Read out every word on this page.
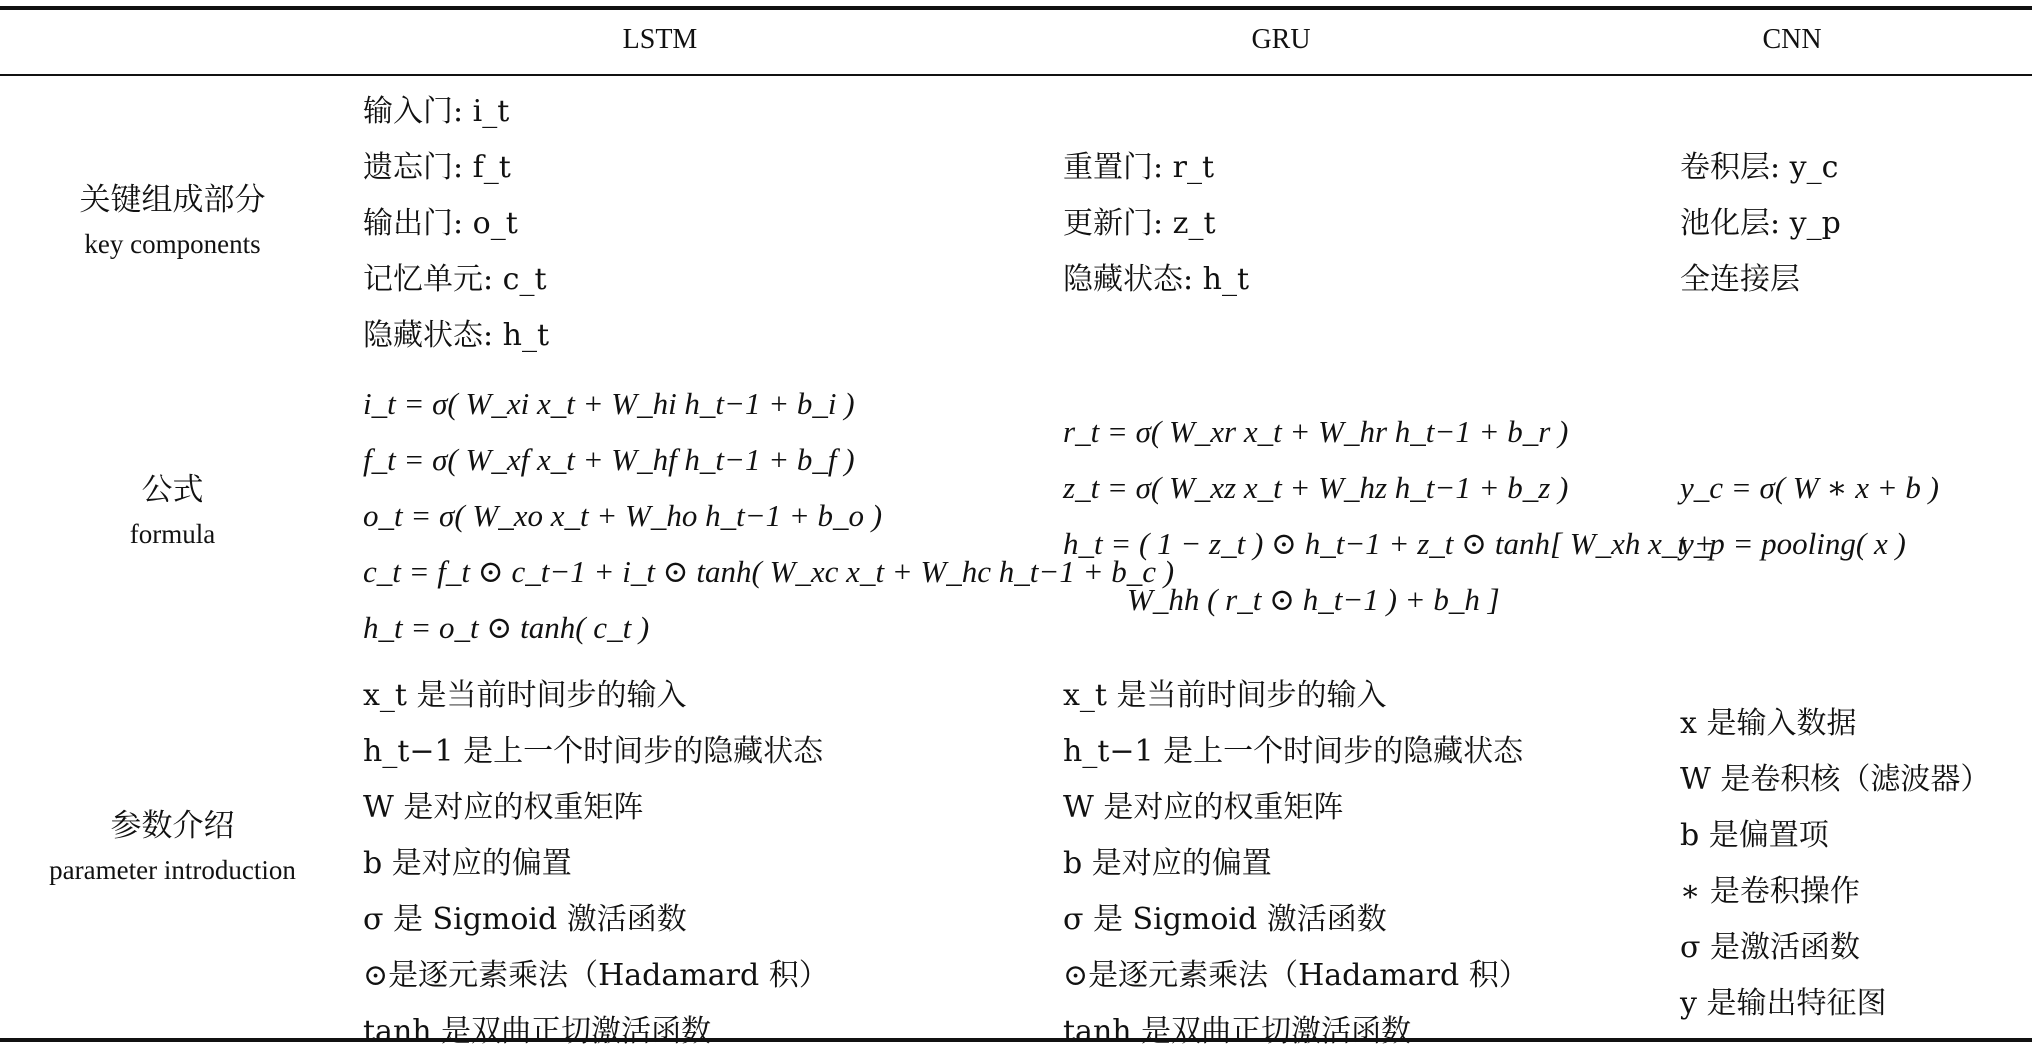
LSTM	GRU	CNN
关键组成部分
key components
输入门: i_t
遗忘门: f_t
输出门: o_t
记忆单元: c_t
隐藏状态: h_t
重置门: r_t
更新门: z_t
隐藏状态: h_t
卷积层: y_c
池化层: y_p
全连接层
公式
formula
i_t = σ( W_xi x_t + W_hi h_t−1 + b_i )
f_t = σ( W_xf x_t + W_hf h_t−1 + b_f )
o_t = σ( W_xo x_t + W_ho h_t−1 + b_o )
c_t = f_t ⊙ c_t−1 + i_t ⊙ tanh( W_xc x_t + W_hc h_t−1 + b_c )
h_t = o_t ⊙ tanh( c_t )
r_t = σ( W_xr x_t + W_hr h_t−1 + b_r )
z_t = σ( W_xz x_t + W_hz h_t−1 + b_z )
h_t = ( 1 − z_t ) ⊙ h_t−1 + z_t ⊙ tanh[ W_xh x_t +
W_hh ( r_t ⊙ h_t−1 ) + b_h ]
y_c = σ( W ∗ x + b )
y_p = pooling( x )
参数介绍
parameter introduction
x_t 是当前时间步的输入
h_t−1 是上一个时间步的隐藏状态
W 是对应的权重矩阵
b 是对应的偏置
σ 是 Sigmoid 激活函数
⊙是逐元素乘法（Hadamard 积）
tanh 是双曲正切激活函数
x_t 是当前时间步的输入
h_t−1 是上一个时间步的隐藏状态
W 是对应的权重矩阵
b 是对应的偏置
σ 是 Sigmoid 激活函数
⊙是逐元素乘法（Hadamard 积）
tanh 是双曲正切激活函数
x 是输入数据
W 是卷积核（滤波器）
b 是偏置项
∗ 是卷积操作
σ 是激活函数
y 是输出特征图
